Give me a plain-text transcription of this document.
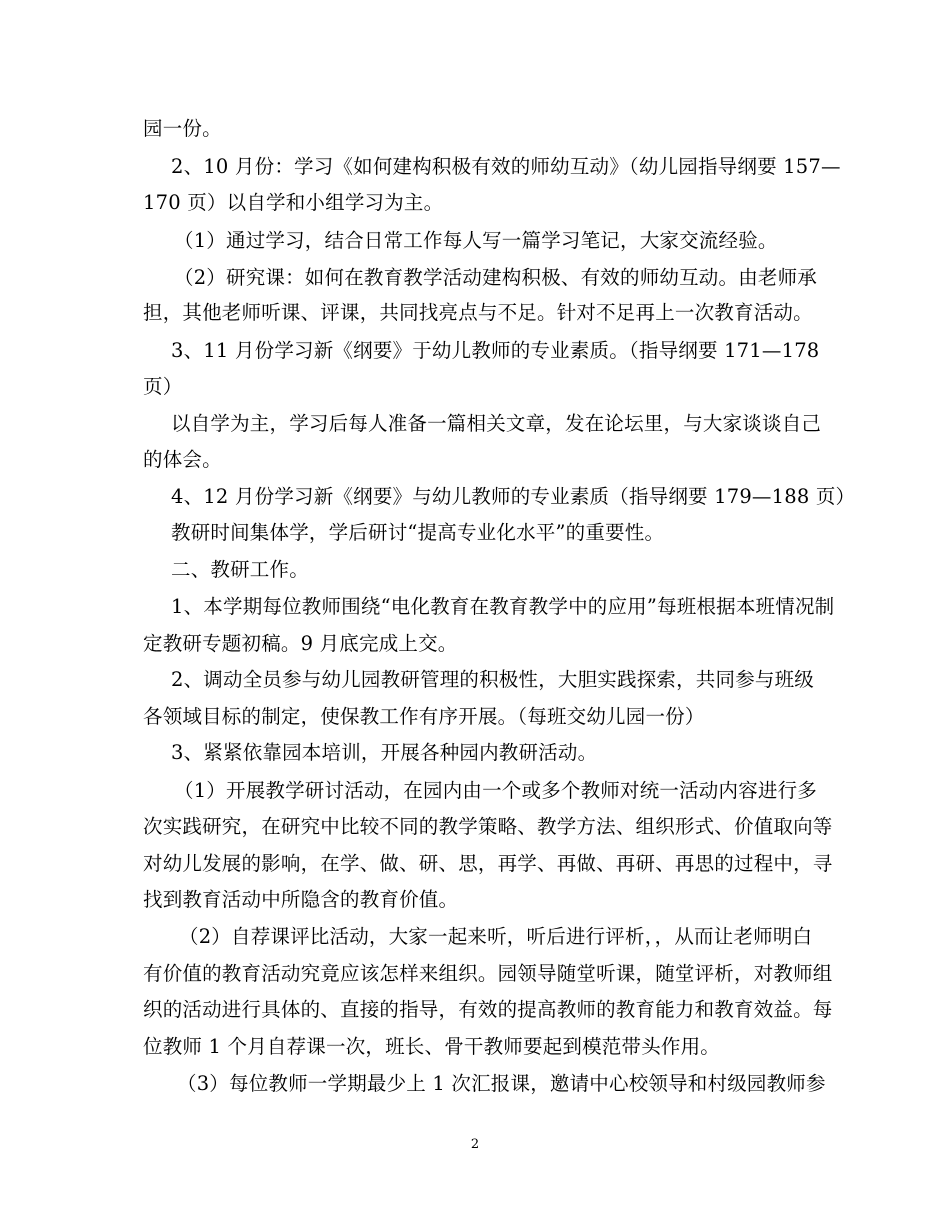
园一份。
2、10 月份：学习《如何建构积极有效的师幼互动》（幼儿园指导纲要 157—
170 页）以自学和小组学习为主。
（1）通过学习，结合日常工作每人写一篇学习笔记，大家交流经验。
（2）研究课：如何在教育教学活动建构积极、有效的师幼互动。由老师承
担，其他老师听课、评课，共同找亮点与不足。针对不足再上一次教育活动。
3、11 月份学习新《纲要》于幼儿教师的专业素质。（指导纲要 171—178
页）
以自学为主，学习后每人准备一篇相关文章，发在论坛里，与大家谈谈自己
的体会。
4、12 月份学习新《纲要》与幼儿教师的专业素质（指导纲要 179—188 页）
教研时间集体学，学后研讨“提高专业化水平”的重要性。
二、教研工作。
1、本学期每位教师围绕“电化教育在教育教学中的应用”每班根据本班情况制
定教研专题初稿。9 月底完成上交。
2、调动全员参与幼儿园教研管理的积极性，大胆实践探索，共同参与班级
各领域目标的制定，使保教工作有序开展。（每班交幼儿园一份）
3、紧紧依靠园本培训，开展各种园内教研活动。
（1）开展教学研讨活动，在园内由一个或多个教师对统一活动内容进行多
次实践研究，在研究中比较不同的教学策略、教学方法、组织形式、价值取向等
对幼儿发展的影响，在学、做、研、思，再学、再做、再研、再思的过程中，寻
找到教育活动中所隐含的教育价值。
（2）自荐课评比活动，大家一起来听，听后进行评析，，从而让老师明白
有价值的教育活动究竟应该怎样来组织。园领导随堂听课，随堂评析，对教师组
织的活动进行具体的、直接的指导，有效的提高教师的教育能力和教育效益。每
位教师 1 个月自荐课一次，班长、骨干教师要起到模范带头作用。
（3）每位教师一学期最少上 1 次汇报课，邀请中心校领导和村级园教师参
2
